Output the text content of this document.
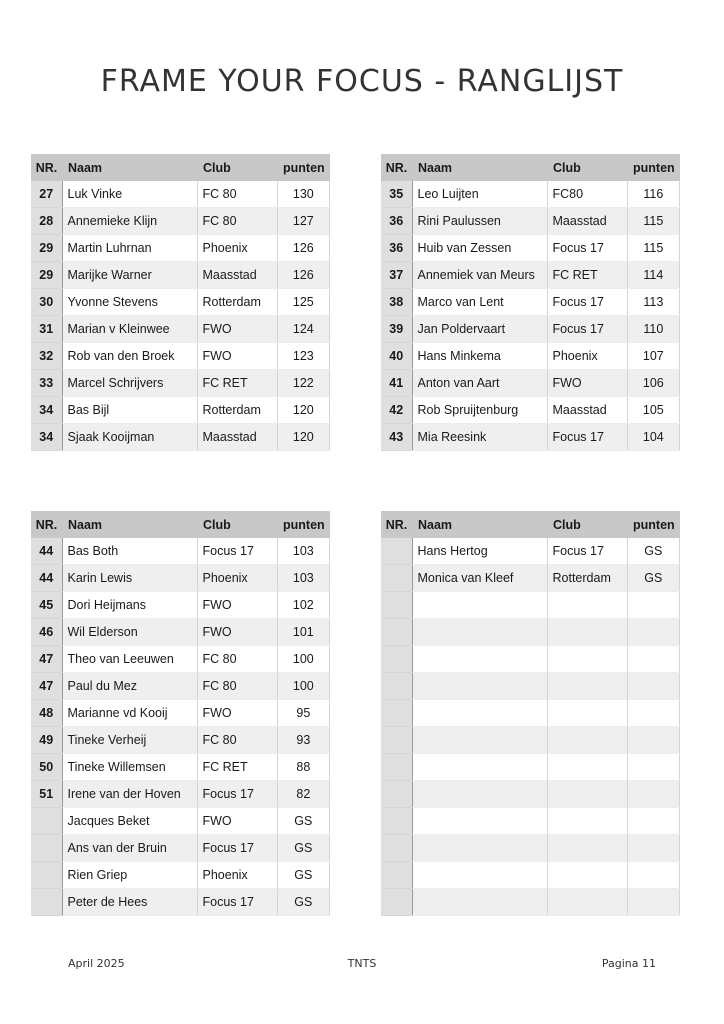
FRAME YOUR FOCUS - RANGLIJST
NR.	Naam	Club	punten
27	Luk Vinke	FC 80	130
28	Annemieke Klijn	FC 80	127
29	Martin Luhrnan	Phoenix	126
29	Marijke Warner	Maasstad	126
30	Yvonne Stevens	Rotterdam	125
31	Marian v Kleinwee	FWO	124
32	Rob van den Broek	FWO	123
33	Marcel Schrijvers	FC RET	122
34	Bas Bijl	Rotterdam	120
34	Sjaak Kooijman	Maasstad	120
NR.	Naam	Club	punten
35	Leo Luijten	FC80	116
36	Rini Paulussen	Maasstad	115
36	Huib van Zessen	Focus 17	115
37	Annemiek van Meurs	FC RET	114
38	Marco van Lent	Focus 17	113
39	Jan Poldervaart	Focus 17	110
40	Hans Minkema	Phoenix	107
41	Anton van Aart	FWO	106
42	Rob Spruijtenburg	Maasstad	105
43	Mia Reesink	Focus 17	104
NR.	Naam	Club	punten
44	Bas Both	Focus 17	103
44	Karin Lewis	Phoenix	103
45	Dori Heijmans	FWO	102
46	Wil Elderson	FWO	101
47	Theo van Leeuwen	FC 80	100
47	Paul du Mez	FC 80	100
48	Marianne vd Kooij	FWO	95
49	Tineke Verheij	FC 80	93
50	Tineke Willemsen	FC RET	88
51	Irene van der Hoven	Focus 17	82
	Jacques Beket	FWO	GS
	Ans van der Bruin	Focus 17	GS
	Rien Griep	Phoenix	GS
	Peter de Hees	Focus 17	GS
NR.	Naam	Club	punten
	Hans Hertog	Focus 17	GS
	Monica van Kleef	Rotterdam	GS

April 2025	TNTS	Pagina 11
